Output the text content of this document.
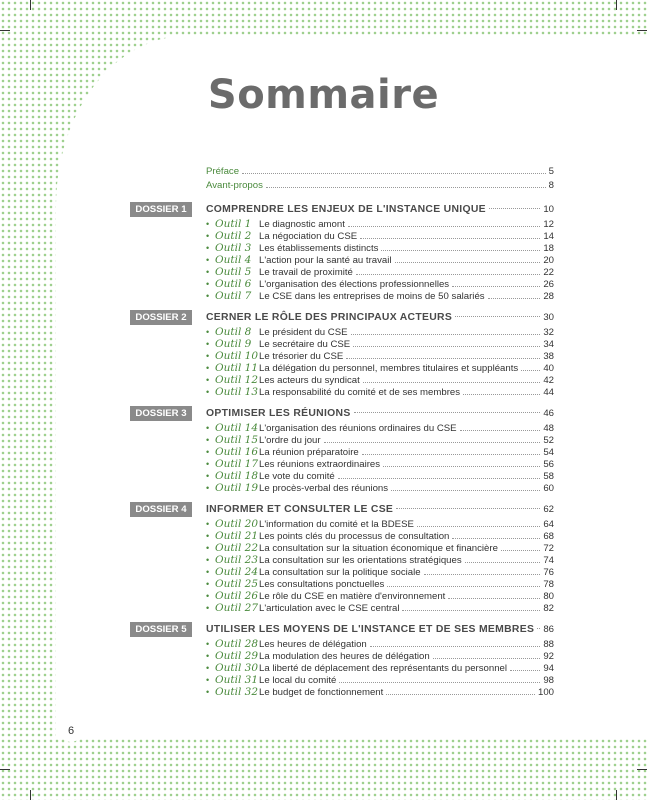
Sommaire
Préface	5
Avant-propos	8
DOSSIER 1	COMPRENDRE LES ENJEUX DE L'INSTANCE UNIQUE	10
• Outil 1 Le diagnostic amont	12
• Outil 2 La négociation du CSE	14
• Outil 3 Les établissements distincts	18
• Outil 4 L'action pour la santé au travail	20
• Outil 5 Le travail de proximité	22
• Outil 6 L'organisation des élections professionnelles	26
• Outil 7 Le CSE dans les entreprises de moins de 50 salariés	28
DOSSIER 2	CERNER LE RÔLE DES PRINCIPAUX ACTEURS	30
• Outil 8 Le président du CSE	32
• Outil 9 Le secrétaire du CSE	34
• Outil 10 Le trésorier du CSE	38
• Outil 11 La délégation du personnel, membres titulaires et suppléants	40
• Outil 12 Les acteurs du syndicat	42
• Outil 13 La responsabilité du comité et de ses membres	44
DOSSIER 3	OPTIMISER LES RÉUNIONS	46
• Outil 14 L'organisation des réunions ordinaires du CSE	48
• Outil 15 L'ordre du jour	52
• Outil 16 La réunion préparatoire	54
• Outil 17 Les réunions extraordinaires	56
• Outil 18 Le vote du comité	58
• Outil 19 Le procès-verbal des réunions	60
DOSSIER 4	INFORMER ET CONSULTER LE CSE	62
• Outil 20 L'information du comité et la BDESE	64
• Outil 21 Les points clés du processus de consultation	68
• Outil 22 La consultation sur la situation économique et financière	72
• Outil 23 La consultation sur les orientations stratégiques	74
• Outil 24 La consultation sur la politique sociale	76
• Outil 25 Les consultations ponctuelles	78
• Outil 26 Le rôle du CSE en matière d'environnement	80
• Outil 27 L'articulation avec le CSE central	82
DOSSIER 5	UTILISER LES MOYENS DE L'INSTANCE ET DE SES MEMBRES 86
• Outil 28 Les heures de délégation	88
• Outil 29 La modulation des heures de délégation	92
• Outil 30 La liberté de déplacement des représentants du personnel	94
• Outil 31 Le local du comité	98
• Outil 32 Le budget de fonctionnement	100
6
